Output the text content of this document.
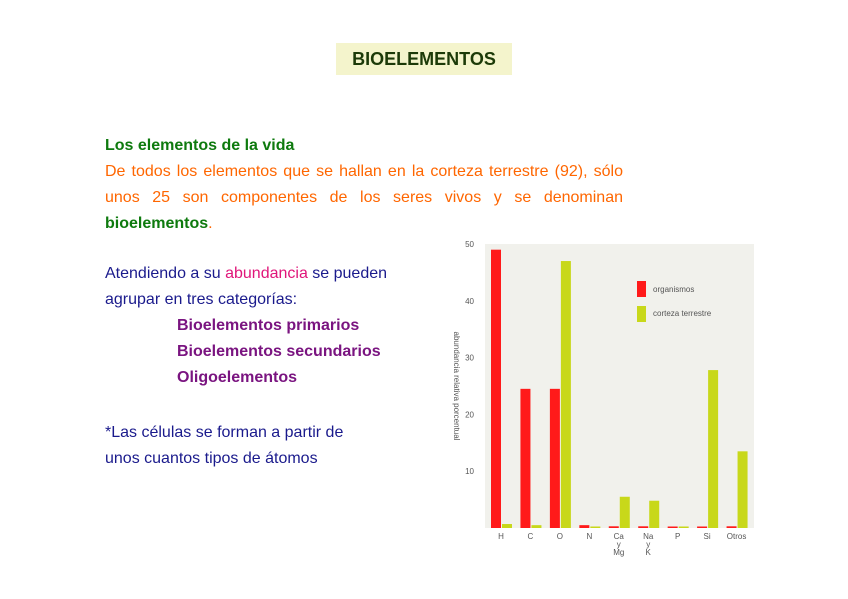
BIOELEMENTOS
Los elementos de la vida
De todos los elementos que se hallan en la corteza terrestre (92), sólo unos 25 son componentes de los seres vivos y se denominan bioelementos.
Atendiendo a su abundancia se pueden agrupar en tres categorías:
Bioelementos primarios
Bioelementos secundarios
Oligoelementos
*Las células se forman a partir de
unos cuantos tipos de átomos
10
20
30
40
50
abundancia relativa porcentual
H	C	O	N	Ca
y
Mg
Na
y
K
P	Si Otros
organismos
corteza terrestre
